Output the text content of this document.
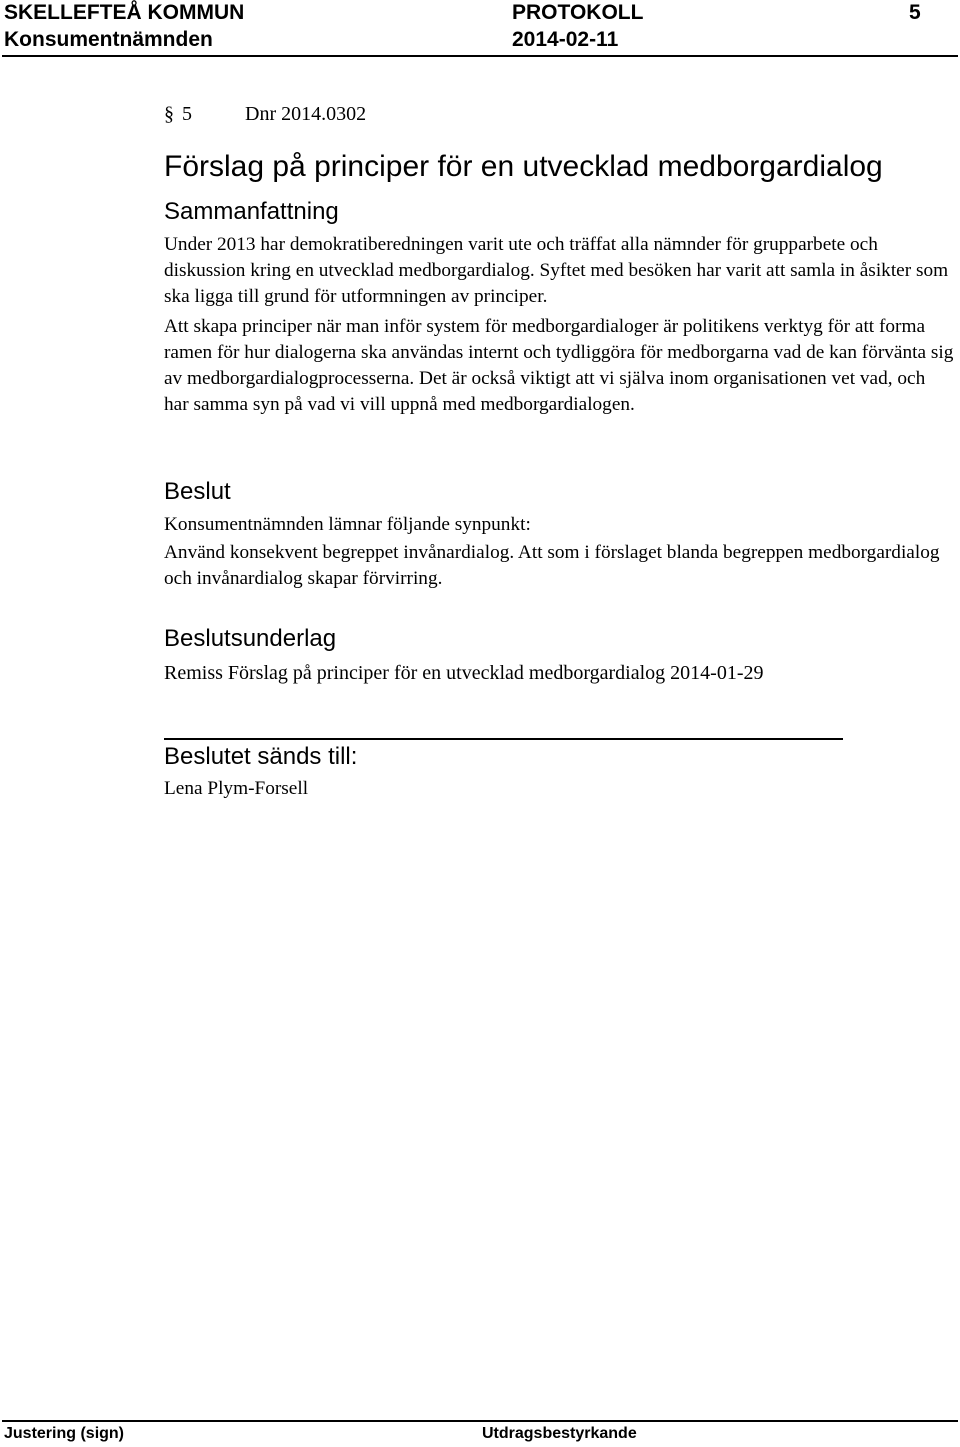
SKELLEFTEÅ KOMMUN	PROTOKOLL	5
Konsumentnämnden	2014-02-11
§ 5	Dnr 2014.0302
Förslag på principer för en utvecklad medborgardialog
Sammanfattning

Under 2013 har demokratiberedningen varit ute och träffat alla nämnder för grupparbete och diskussion kring en utvecklad medborgardialog. Syftet med besöken har varit att samla in åsikter som ska ligga till grund för utformningen av principer.

Att skapa principer när man inför system för medborgardialoger är politikens verktyg för att forma ramen för hur dialogerna ska användas internt och tydliggöra för medborgarna vad de kan förvänta sig av medborgardialogprocesserna. Det är också viktigt att vi själva inom organisationen vet vad, och har samma syn på vad vi vill uppnå med medborgardialogen.

Beslut

Konsumentnämnden lämnar följande synpunkt:

Använd konsekvent begreppet invånardialog. Att som i förslaget blanda begreppen medborgardialog och invånardialog skapar förvirring.

Beslutsunderlag

Remiss Förslag på principer för en utvecklad medborgardialog 2014-01-29

Beslutet sänds till:

Lena Plym-Forsell

Justering (sign)	Utdragsbestyrkande
